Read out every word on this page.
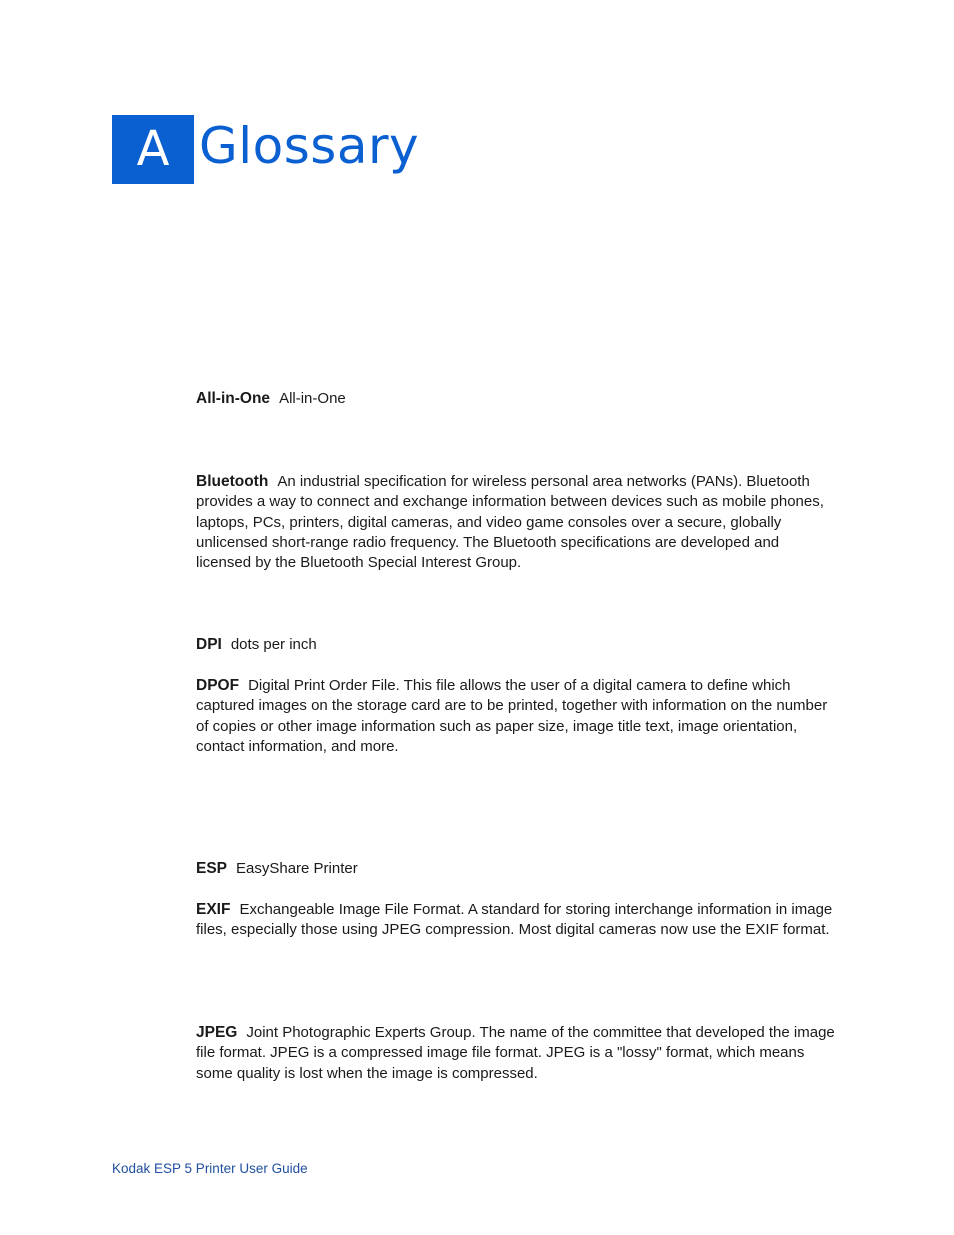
A Glossary
All-in-One All-in-One
Bluetooth An industrial specification for wireless personal area networks (PANs). Bluetooth provides a way to connect and exchange information between devices such as mobile phones, laptops, PCs, printers, digital cameras, and video game consoles over a secure, globally unlicensed short-range radio frequency. The Bluetooth specifications are developed and licensed by the Bluetooth Special Interest Group.
DPI dots per inch
DPOF Digital Print Order File. This file allows the user of a digital camera to define which captured images on the storage card are to be printed, together with information on the number of copies or other image information such as paper size, image title text, image orientation, contact information, and more.
ESP EasyShare Printer
EXIF Exchangeable Image File Format. A standard for storing interchange information in image files, especially those using JPEG compression. Most digital cameras now use the EXIF format.
JPEG Joint Photographic Experts Group. The name of the committee that developed the image file format. JPEG is a compressed image file format. JPEG is a "lossy" format, which means some quality is lost when the image is compressed.
Kodak ESP 5 Printer User Guide
